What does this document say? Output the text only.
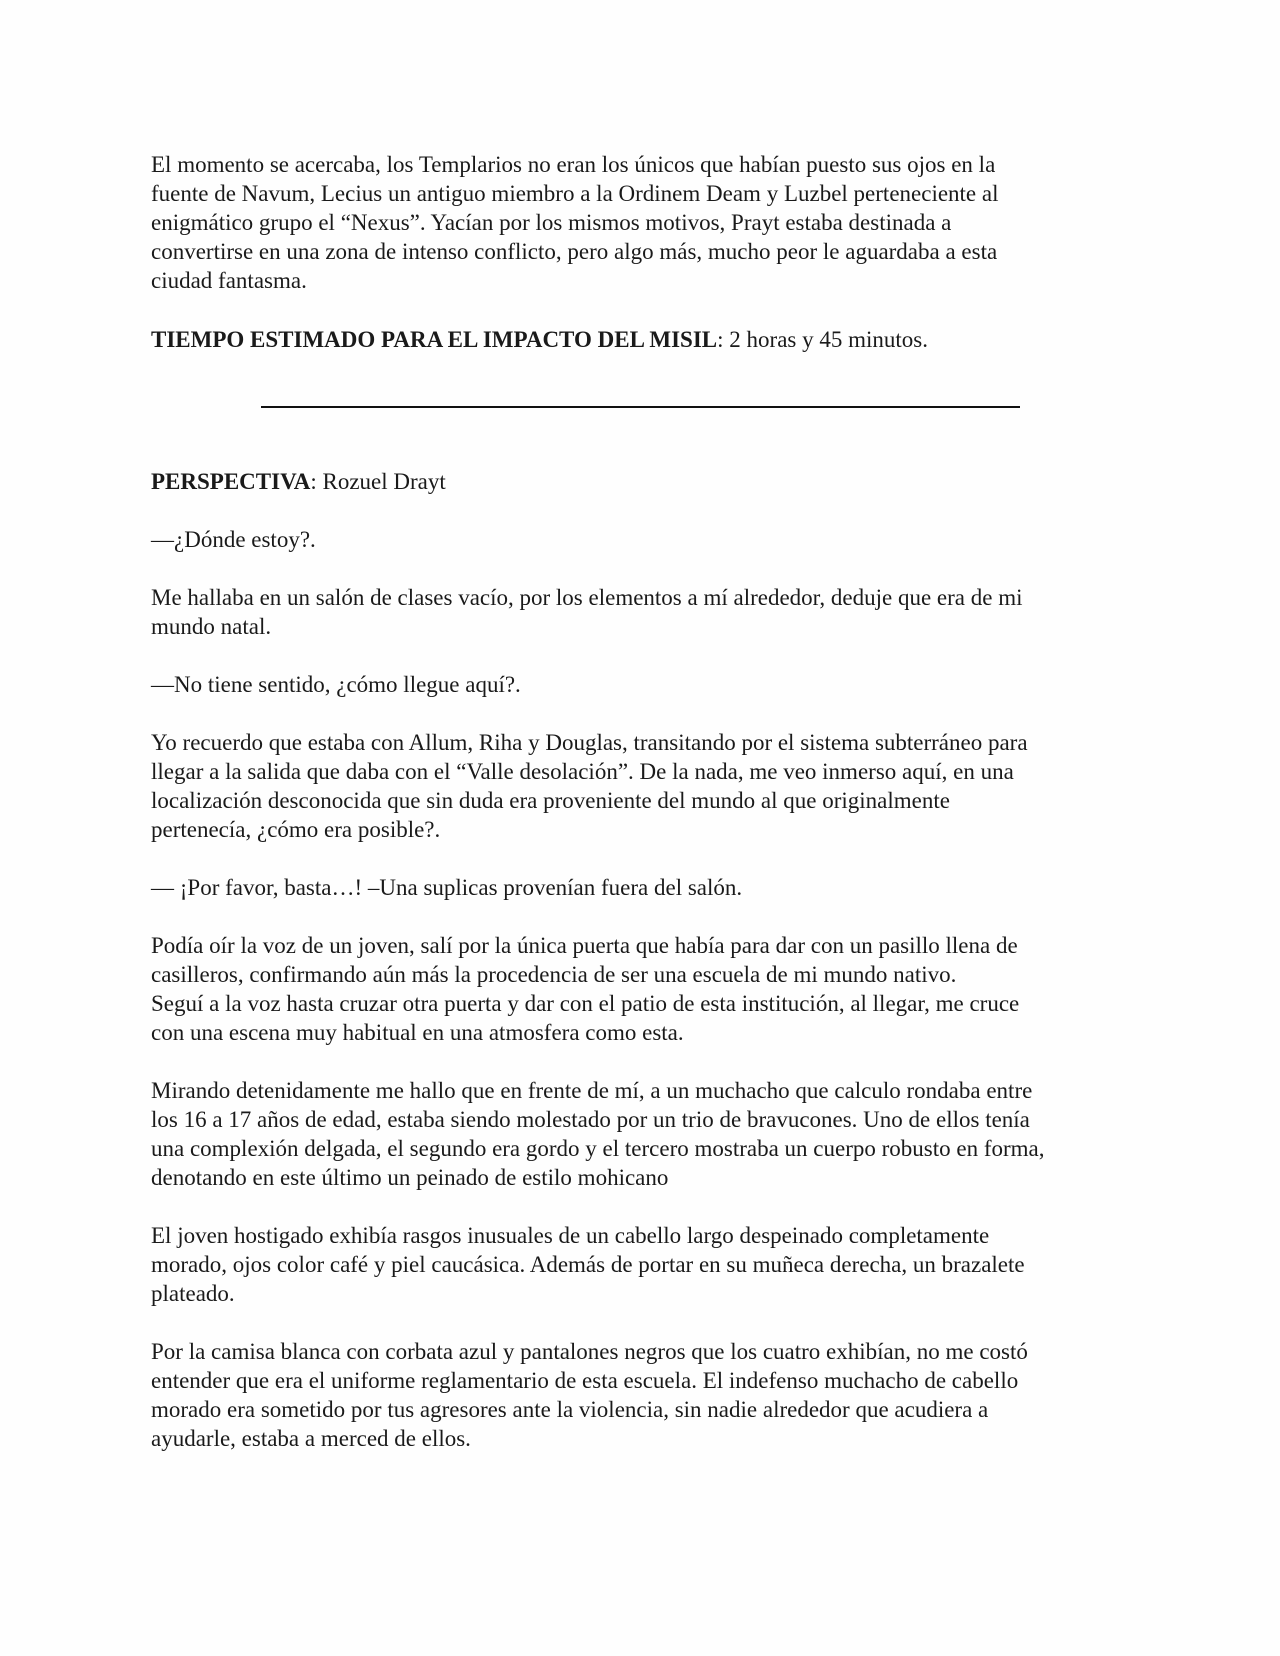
El momento se acercaba, los Templarios no eran los únicos que habían puesto sus ojos en la
fuente de Navum, Lecius un antiguo miembro a la Ordinem Deam y Luzbel perteneciente al
enigmático grupo el “Nexus”. Yacían por los mismos motivos, Prayt estaba destinada a
convertirse en una zona de intenso conflicto, pero algo más, mucho peor le aguardaba a esta
ciudad fantasma.

TIEMPO ESTIMADO PARA EL IMPACTO DEL MISIL: 2 horas y 45 minutos.

PERSPECTIVA: Rozuel Drayt

—¿Dónde estoy?.

Me hallaba en un salón de clases vacío, por los elementos a mí alrededor, deduje que era de mi
mundo natal.

—No tiene sentido, ¿cómo llegue aquí?.

Yo recuerdo que estaba con Allum, Riha y Douglas, transitando por el sistema subterráneo para
llegar a la salida que daba con el “Valle desolación”. De la nada, me veo inmerso aquí, en una
localización desconocida que sin duda era proveniente del mundo al que originalmente
pertenecía, ¿cómo era posible?.

— ¡Por favor, basta…! –Una suplicas provenían fuera del salón.

Podía oír la voz de un joven, salí por la única puerta que había para dar con un pasillo llena de
casilleros, confirmando aún más la procedencia de ser una escuela de mi mundo nativo.
Seguí a la voz hasta cruzar otra puerta y dar con el patio de esta institución, al llegar, me cruce
con una escena muy habitual en una atmosfera como esta.

Mirando detenidamente me hallo que en frente de mí, a un muchacho que calculo rondaba entre
los 16 a 17 años de edad, estaba siendo molestado por un trio de bravucones. Uno de ellos tenía
una complexión delgada, el segundo era gordo y el tercero mostraba un cuerpo robusto en forma,
denotando en este último un peinado de estilo mohicano

El joven hostigado exhibía rasgos inusuales de un cabello largo despeinado completamente
morado, ojos color café y piel caucásica. Además de portar en su muñeca derecha, un brazalete
plateado.

Por la camisa blanca con corbata azul y pantalones negros que los cuatro exhibían, no me costó
entender que era el uniforme reglamentario de esta escuela. El indefenso muchacho de cabello
morado era sometido por tus agresores ante la violencia, sin nadie alrededor que acudiera a
ayudarle, estaba a merced de ellos.
